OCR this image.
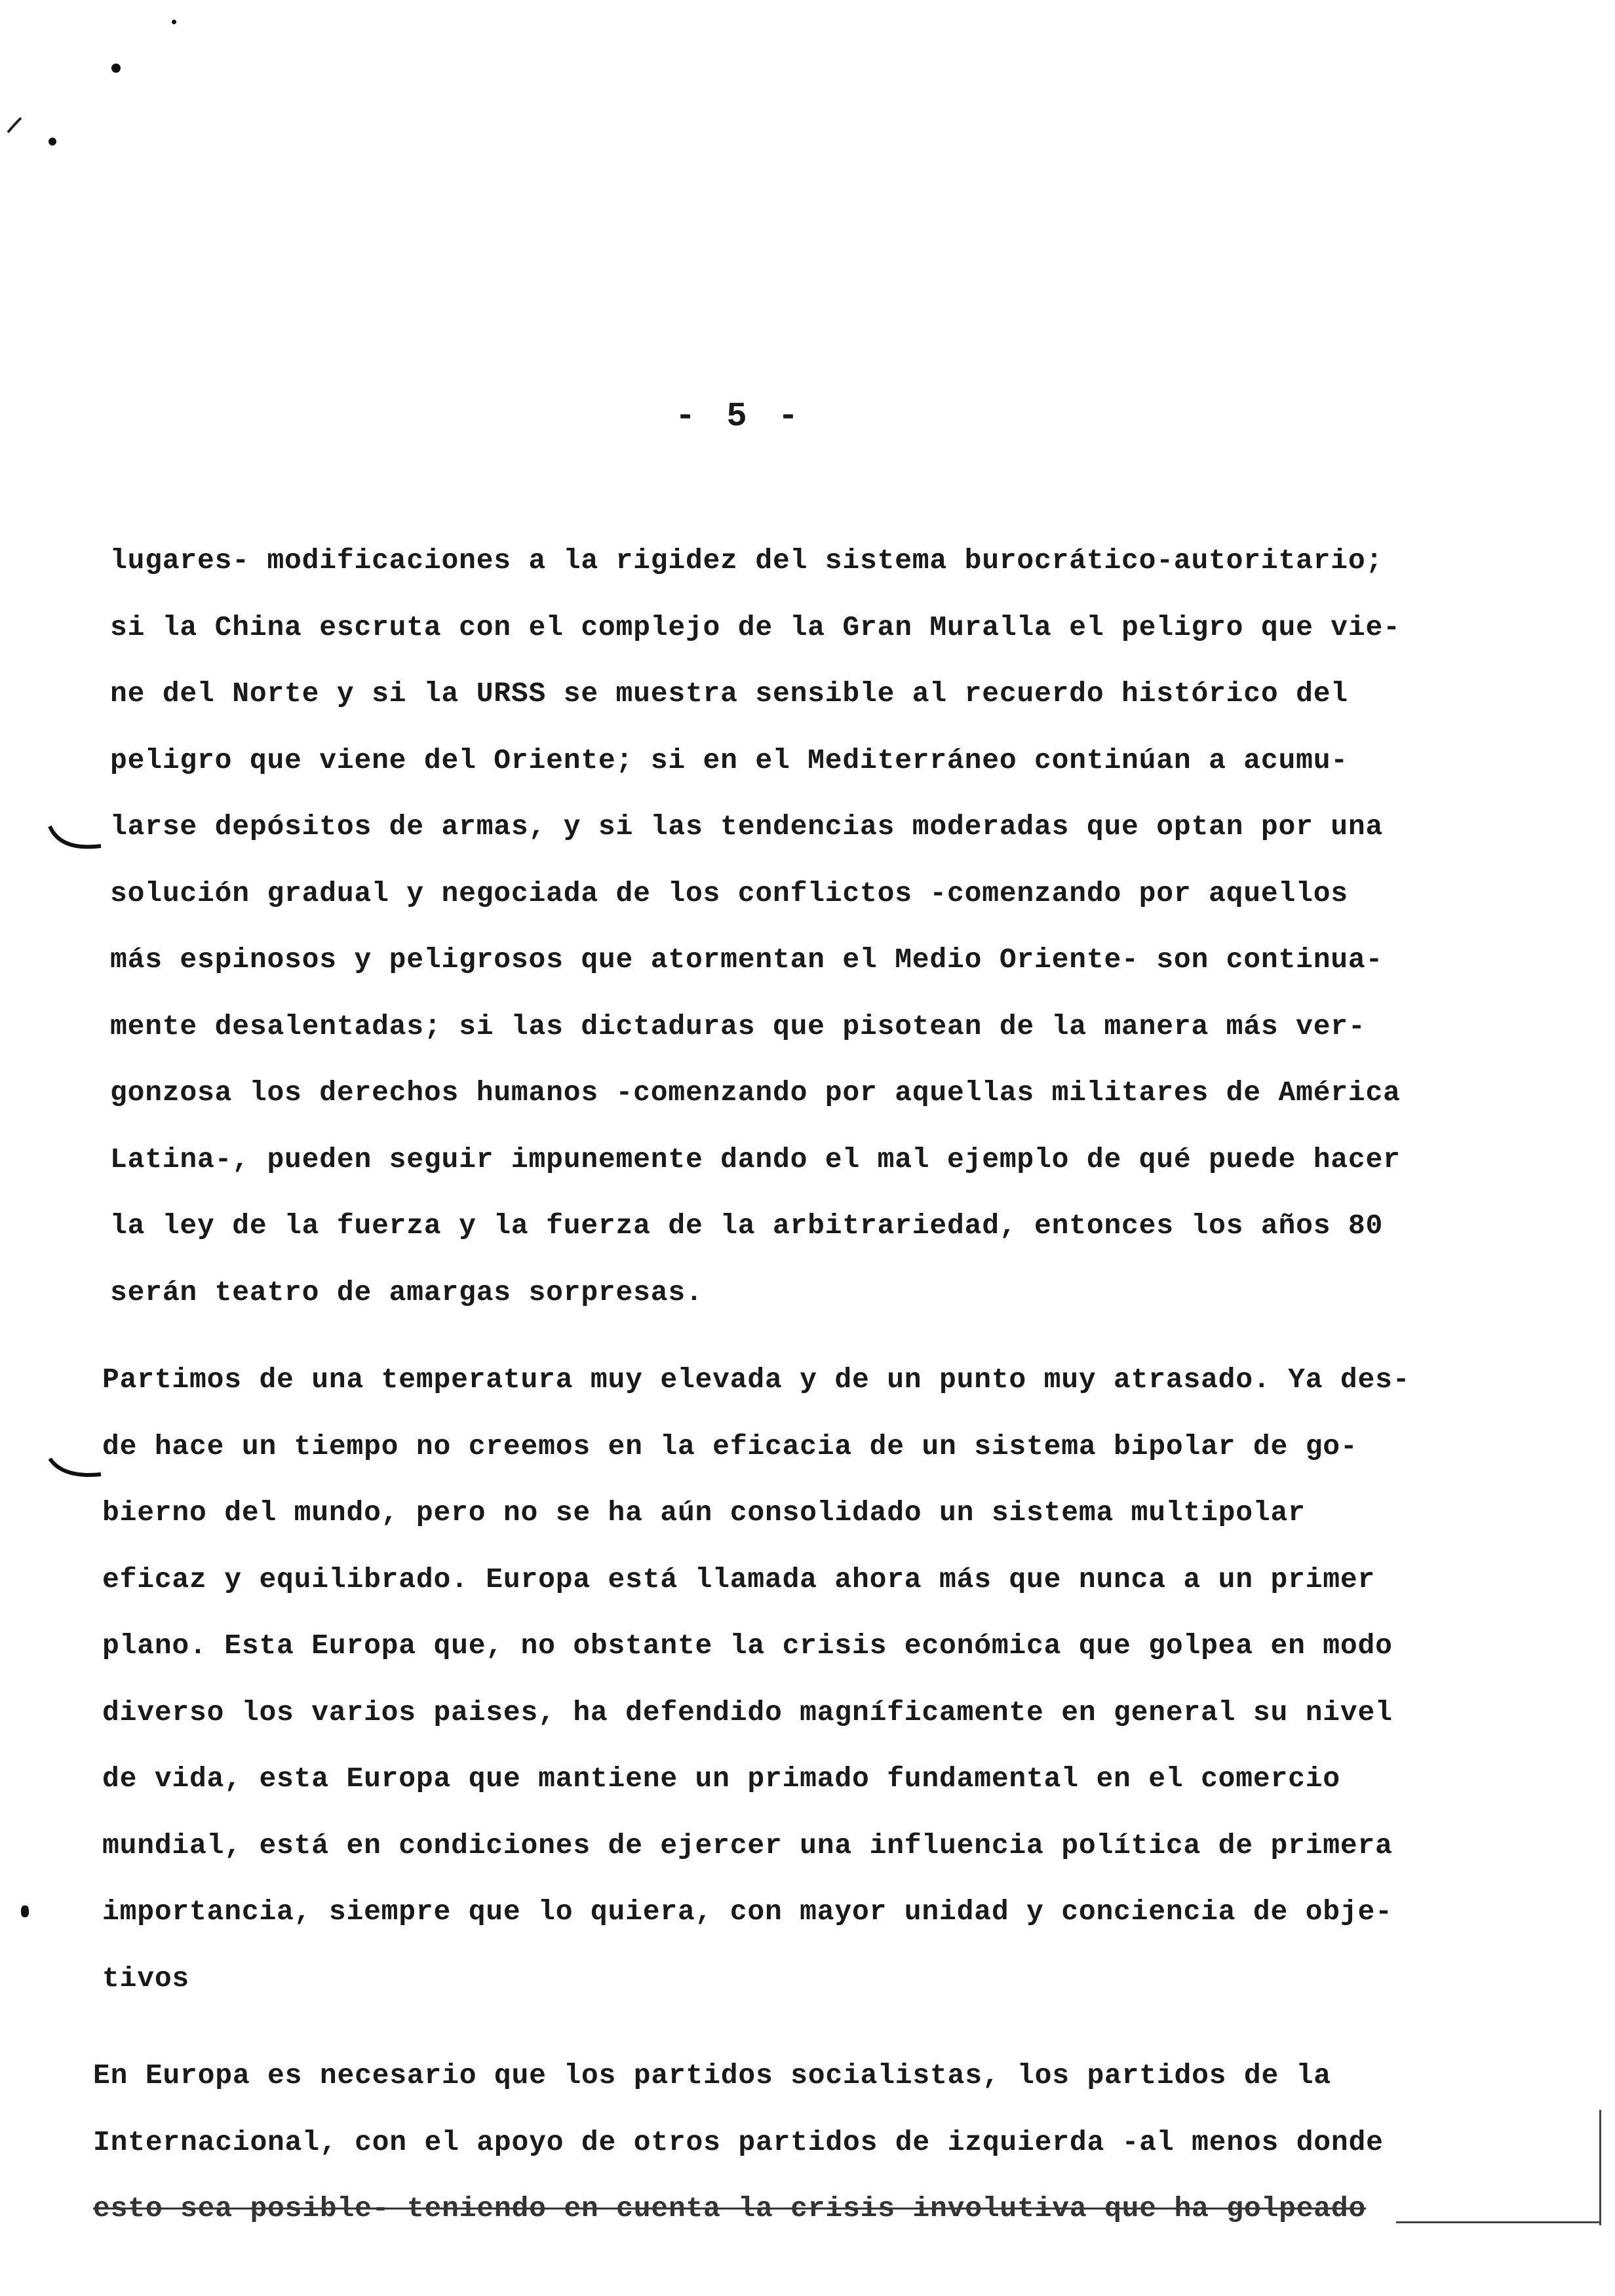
- 5 -
lugares- modificaciones a la rigidez del sistema burocrático-autoritario;
si la China escruta con el complejo de la Gran Muralla el peligro que vie-
ne del Norte y si la URSS se muestra sensible al recuerdo histórico del
peligro que viene del Oriente; si en el Mediterráneo continúan a acumu-
larse depósitos de armas, y si las tendencias moderadas que optan por una
solución gradual y negociada de los conflictos -comenzando por aquellos
más espinosos y peligrosos que atormentan el Medio Oriente- son continua-
mente desalentadas; si las dictaduras que pisotean de la manera más ver-
gonzosa los derechos humanos -comenzando por aquellas militares de América
Latina-, pueden seguir impunemente dando el mal ejemplo de qué puede hacer
la ley de la fuerza y la fuerza de la arbitrariedad, entonces los años 80
serán teatro de amargas sorpresas.
Partimos de una temperatura muy elevada y de un punto muy atrasado. Ya des-
de hace un tiempo no creemos en la eficacia de un sistema bipolar de go-
bierno del mundo, pero no se ha aún consolidado un sistema multipolar
eficaz y equilibrado. Europa está llamada ahora más que nunca a un primer
plano. Esta Europa que, no obstante la crisis económica que golpea en modo
diverso los varios paises, ha defendido magníficamente en general su nivel
de vida, esta Europa que mantiene un primado fundamental en el comercio
mundial, está en condiciones de ejercer una influencia política de primera
importancia, siempre que lo quiera, con mayor unidad y conciencia de obje-
tivos
En Europa es necesario que los partidos socialistas, los partidos de la
Internacional, con el apoyo de otros partidos de izquierda -al menos donde
esto sea posible- teniendo en cuenta la crisis involutiva que ha golpeado
